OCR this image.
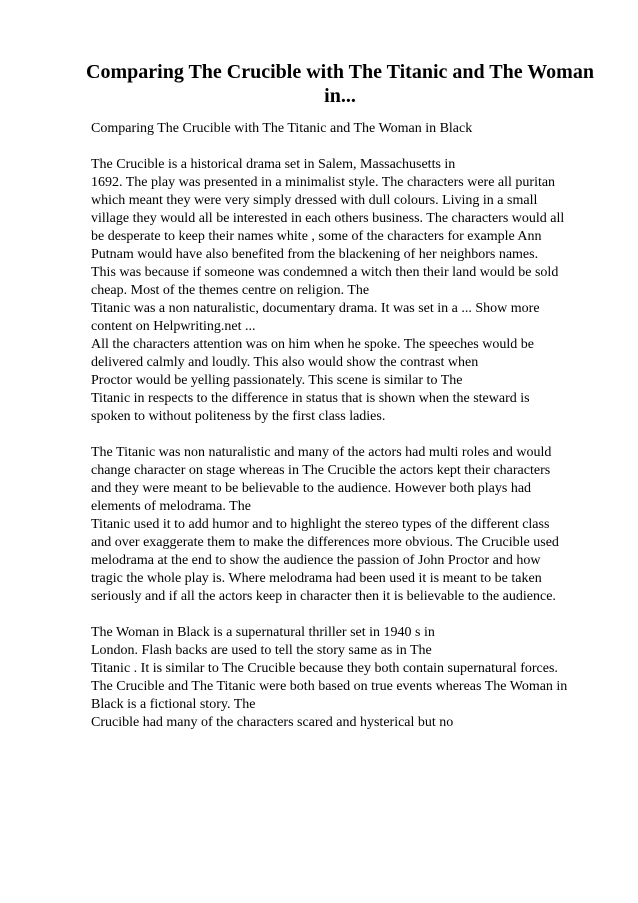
Comparing The Crucible with The Titanic and The Woman
in...

Comparing The Crucible with The Titanic and The Woman in Black

The Crucible is a historical drama set in Salem, Massachusetts in
1692. The play was presented in a minimalist style. The characters were all puritan
which meant they were very simply dressed with dull colours. Living in a small
village they would all be interested in each others business. The characters would all
be desperate to keep their names white , some of the characters for example Ann
Putnam would have also benefited from the blackening of her neighbors names.
This was because if someone was condemned a witch then their land would be sold
cheap. Most of the themes centre on religion. The
Titanic was a non naturalistic, documentary drama. It was set in a ... Show more
content on Helpwriting.net ...
All the characters attention was on him when he spoke. The speeches would be
delivered calmly and loudly. This also would show the contrast when
Proctor would be yelling passionately. This scene is similar to The
Titanic in respects to the difference in status that is shown when the steward is
spoken to without politeness by the first class ladies.

The Titanic was non naturalistic and many of the actors had multi roles and would
change character on stage whereas in The Crucible the actors kept their characters
and they were meant to be believable to the audience. However both plays had
elements of melodrama. The
Titanic used it to add humor and to highlight the stereo types of the different class
and over exaggerate them to make the differences more obvious. The Crucible used
melodrama at the end to show the audience the passion of John Proctor and how
tragic the whole play is. Where melodrama had been used it is meant to be taken
seriously and if all the actors keep in character then it is believable to the audience.

The Woman in Black is a supernatural thriller set in 1940 s in
London. Flash backs are used to tell the story same as in The
Titanic . It is similar to The Crucible because they both contain supernatural forces.
The Crucible and The Titanic were both based on true events whereas The Woman in
Black is a fictional story. The
Crucible had many of the characters scared and hysterical but no
